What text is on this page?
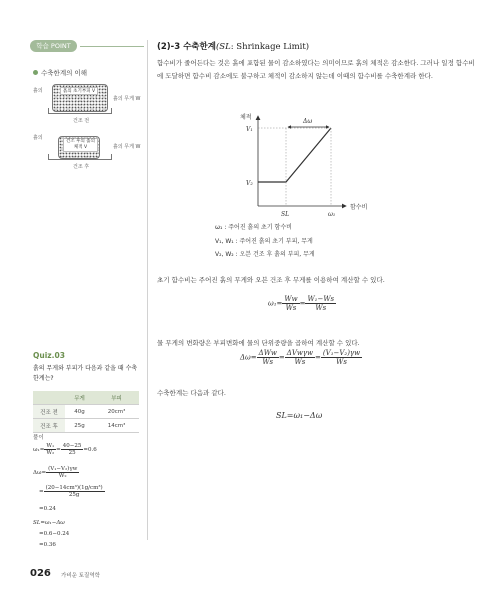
학습 POINT
수축한계의 이해
흙의	흙의 초기부피 V
흙의 무게 W
건조 전
흙의
건조 후의 흙의
체적 V	흙의 무게 W
건조 후
Quiz.03
흙의 무게와 부피가 다음과 같을 때 수축한계는?
	무게	부피
건조 전	40g	20cm³
건조 후	25g	14cm³
풀이
$\omega_1= \frac{\text{W₁}}{\text{W₂}} = \frac{40-25}{25} =0.6$
$\Delta\omega= \frac{\text{(V₁−V₂)γw}}{\text{W₂}}$
= $\frac{\text{(20−14cm³)(1g/cm³)}}{25g}$
=0.24
SL=ω₁−Δω
=0.6−0.24
=0.36
(2)-3 수축한계(SL: Shrinkage Limit)
함수비가 줄어든다는 것은 흙에 포함된 물이 감소하였다는 의미이므로 흙의 체적은 감소한다. 그러나 일정 함수비에 도달하면 함수비 감소에도 불구하고 체적이 감소하지 않는데 이때의 함수비를 수축한계라 한다.
체적
함수비
V₁
V₂
Δω
SL	ω₁
ω₁ : 주어진 흙의 초기 함수비
V₁, W₁ : 주어진 흙의 초기 부피, 무게
V₂, W₂ : 오븐 건조 후 흙의 부피, 무게
초기 함수비는 주어진 흙의 무게와 오븐 건조 후 무게를 이용하여 계산할 수 있다.
$\omega_1= \frac{Ww}{Ws} = \frac{\text{W₁−Ws}}{Ws}$
물 무게의 변화량은 부피변화에 물의 단위중량을 곱하여 계산할 수 있다.
$\Delta\omega= \frac{\text{ΔWw}}{Ws} = \frac{\text{ΔVwγw}}{Ws} = \frac{\text{(V₁−V₂)γw}}{Ws}$
수축한계는 다음과 같다.
SL=ω₁−Δω
026 가비운 토질역학
